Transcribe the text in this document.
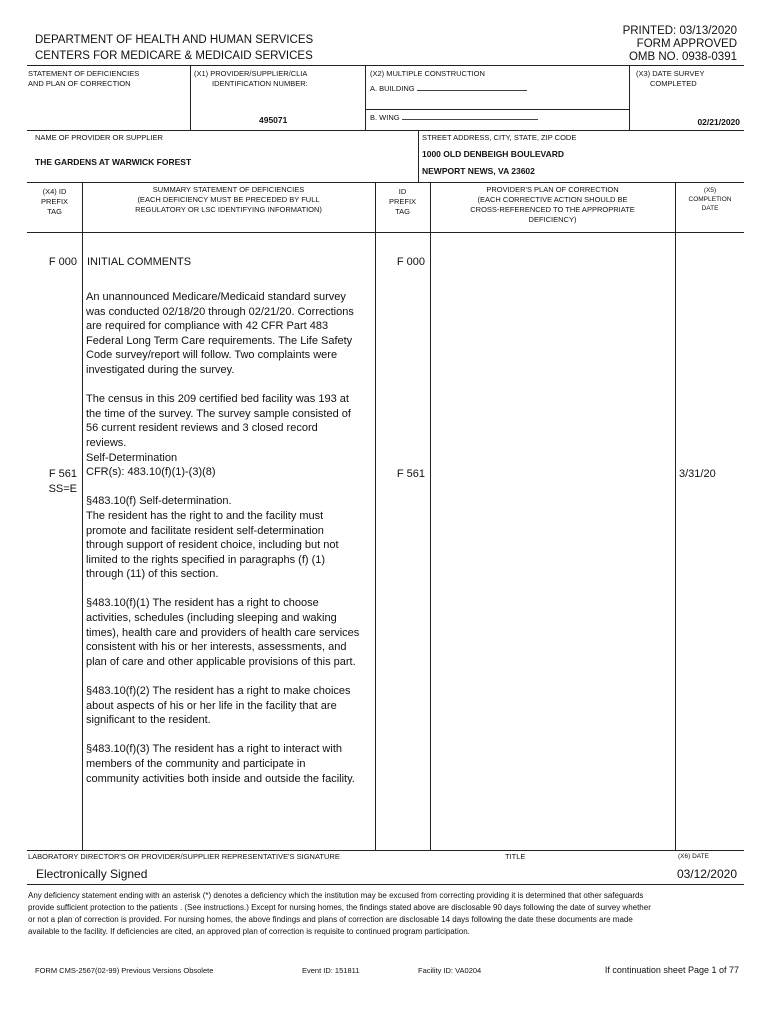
DEPARTMENT OF HEALTH AND HUMAN SERVICES
CENTERS FOR MEDICARE & MEDICAID SERVICES
PRINTED: 03/13/2020
FORM APPROVED
OMB NO. 0938-0391
STATEMENT OF DEFICIENCIES
AND PLAN OF CORRECTION
(X1) PROVIDER/SUPPLIER/CLIA
IDENTIFICATION NUMBER:
495071
(X2) MULTIPLE CONSTRUCTION
A. BUILDING
B. WING
(X3) DATE SURVEY
COMPLETED
02/21/2020
NAME OF PROVIDER OR SUPPLIER
THE GARDENS AT WARWICK FOREST
STREET ADDRESS, CITY, STATE, ZIP CODE
1000 OLD DENBEIGH BOULEVARD
NEWPORT NEWS, VA 23602
(X4) ID
PREFIX
TAG
SUMMARY STATEMENT OF DEFICIENCIES
(EACH DEFICIENCY MUST BE PRECEDED BY FULL
REGULATORY OR LSC IDENTIFYING INFORMATION)
ID
PREFIX
TAG
PROVIDER'S PLAN OF CORRECTION
(EACH CORRECTIVE ACTION SHOULD BE
CROSS-REFERENCED TO THE APPROPRIATE
DEFICIENCY)
(X5)
COMPLETION
DATE
F 000 INITIAL COMMENTS	F 000
An unannounced Medicare/Medicaid standard survey was conducted 02/18/20 through 02/21/20. Corrections are required for compliance with 42 CFR Part 483 Federal Long Term Care requirements. The Life Safety Code survey/report will follow. Two complaints were investigated during the survey.
The census in this 209 certified bed facility was 193 at the time of the survey. The survey sample consisted of 56 current resident reviews and 3 closed record reviews.
Self-Determination
CFR(s): 483.10(f)(1)-(3)(8)
§483.10(f) Self-determination.
The resident has the right to and the facility must promote and facilitate resident self-determination through support of resident choice, including but not limited to the rights specified in paragraphs (f) (1) through (11) of this section.
§483.10(f)(1) The resident has a right to choose activities, schedules (including sleeping and waking times), health care and providers of health care services consistent with his or her interests, assessments, and plan of care and other applicable provisions of this part.
§483.10(f)(2) The resident has a right to make choices about aspects of his or her life in the facility that are significant to the resident.
§483.10(f)(3) The resident has a right to interact with members of the community and participate in community activities both inside and outside the facility.
F 561
SS=E
F 561	3/31/20
LABORATORY DIRECTOR'S OR PROVIDER/SUPPLIER REPRESENTATIVE'S SIGNATURE	TITLE	(X6) DATE
Electronically Signed	03/12/2020
Any deficiency statement ending with an asterisk (*) denotes a deficiency which the institution may be excused from correcting providing it is determined that other safeguards provide sufficient protection to the patients . (See instructions.) Except for nursing homes, the findings stated above are disclosable 90 days following the date of survey whether or not a plan of correction is provided. For nursing homes, the above findings and plans of correction are disclosable 14 days following the date these documents are made available to the facility. If deficiencies are cited, an approved plan of correction is requisite to continued program participation.
FORM CMS-2567(02-99) Previous Versions Obsolete	Event ID: 151811	Facility ID: VA0204	If continuation sheet Page 1 of 77
